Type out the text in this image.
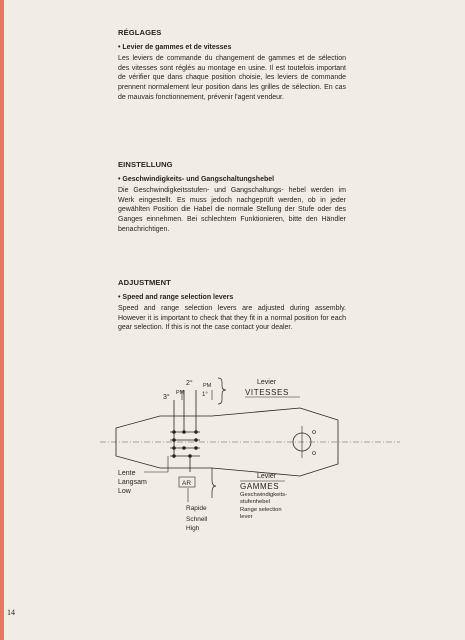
RÉGLAGES
• Levier de gammes et de vitesses

Les leviers de commande du changement de gammes et de sélection des vitesses sont réglés au montage en usine. Il est toutefois important de vérifier que dans chaque position choisie, les leviers de commande prennent normalement leur position dans les grilles de sélection. En cas de mauvais fonctionnement, prévenir l'agent vendeur.

EINSTELLUNG
• Geschwindigkeits- und Gangschaltungshebel

Die Geschwindigkeitsstufen- und Gangschaltungs- hebel werden im Werk eingestellt. Es muss jedoch nachgeprüft werden, ob in jeder gewählten Position die Habel die normale Stellung der Stufe oder des Ganges einnehmen. Bei schlechtem Funktionieren, bitte den Händler benachrichtigen.

ADJUSTMENT
• Speed and range selection levers

Speed and range selection levers are adjusted during assembly. However it is important to check that they fit in a normal position for each gear selection. If this is not the case contact your dealer.

2°
PM
PM
1°
3°
AR
Levier
VITESSES
Levier
GAMMES
Geschwindigkeits-
stufenhebel
Range selection
lever
Rapide
Lente
Langsam
Low
Schnell
High
14
